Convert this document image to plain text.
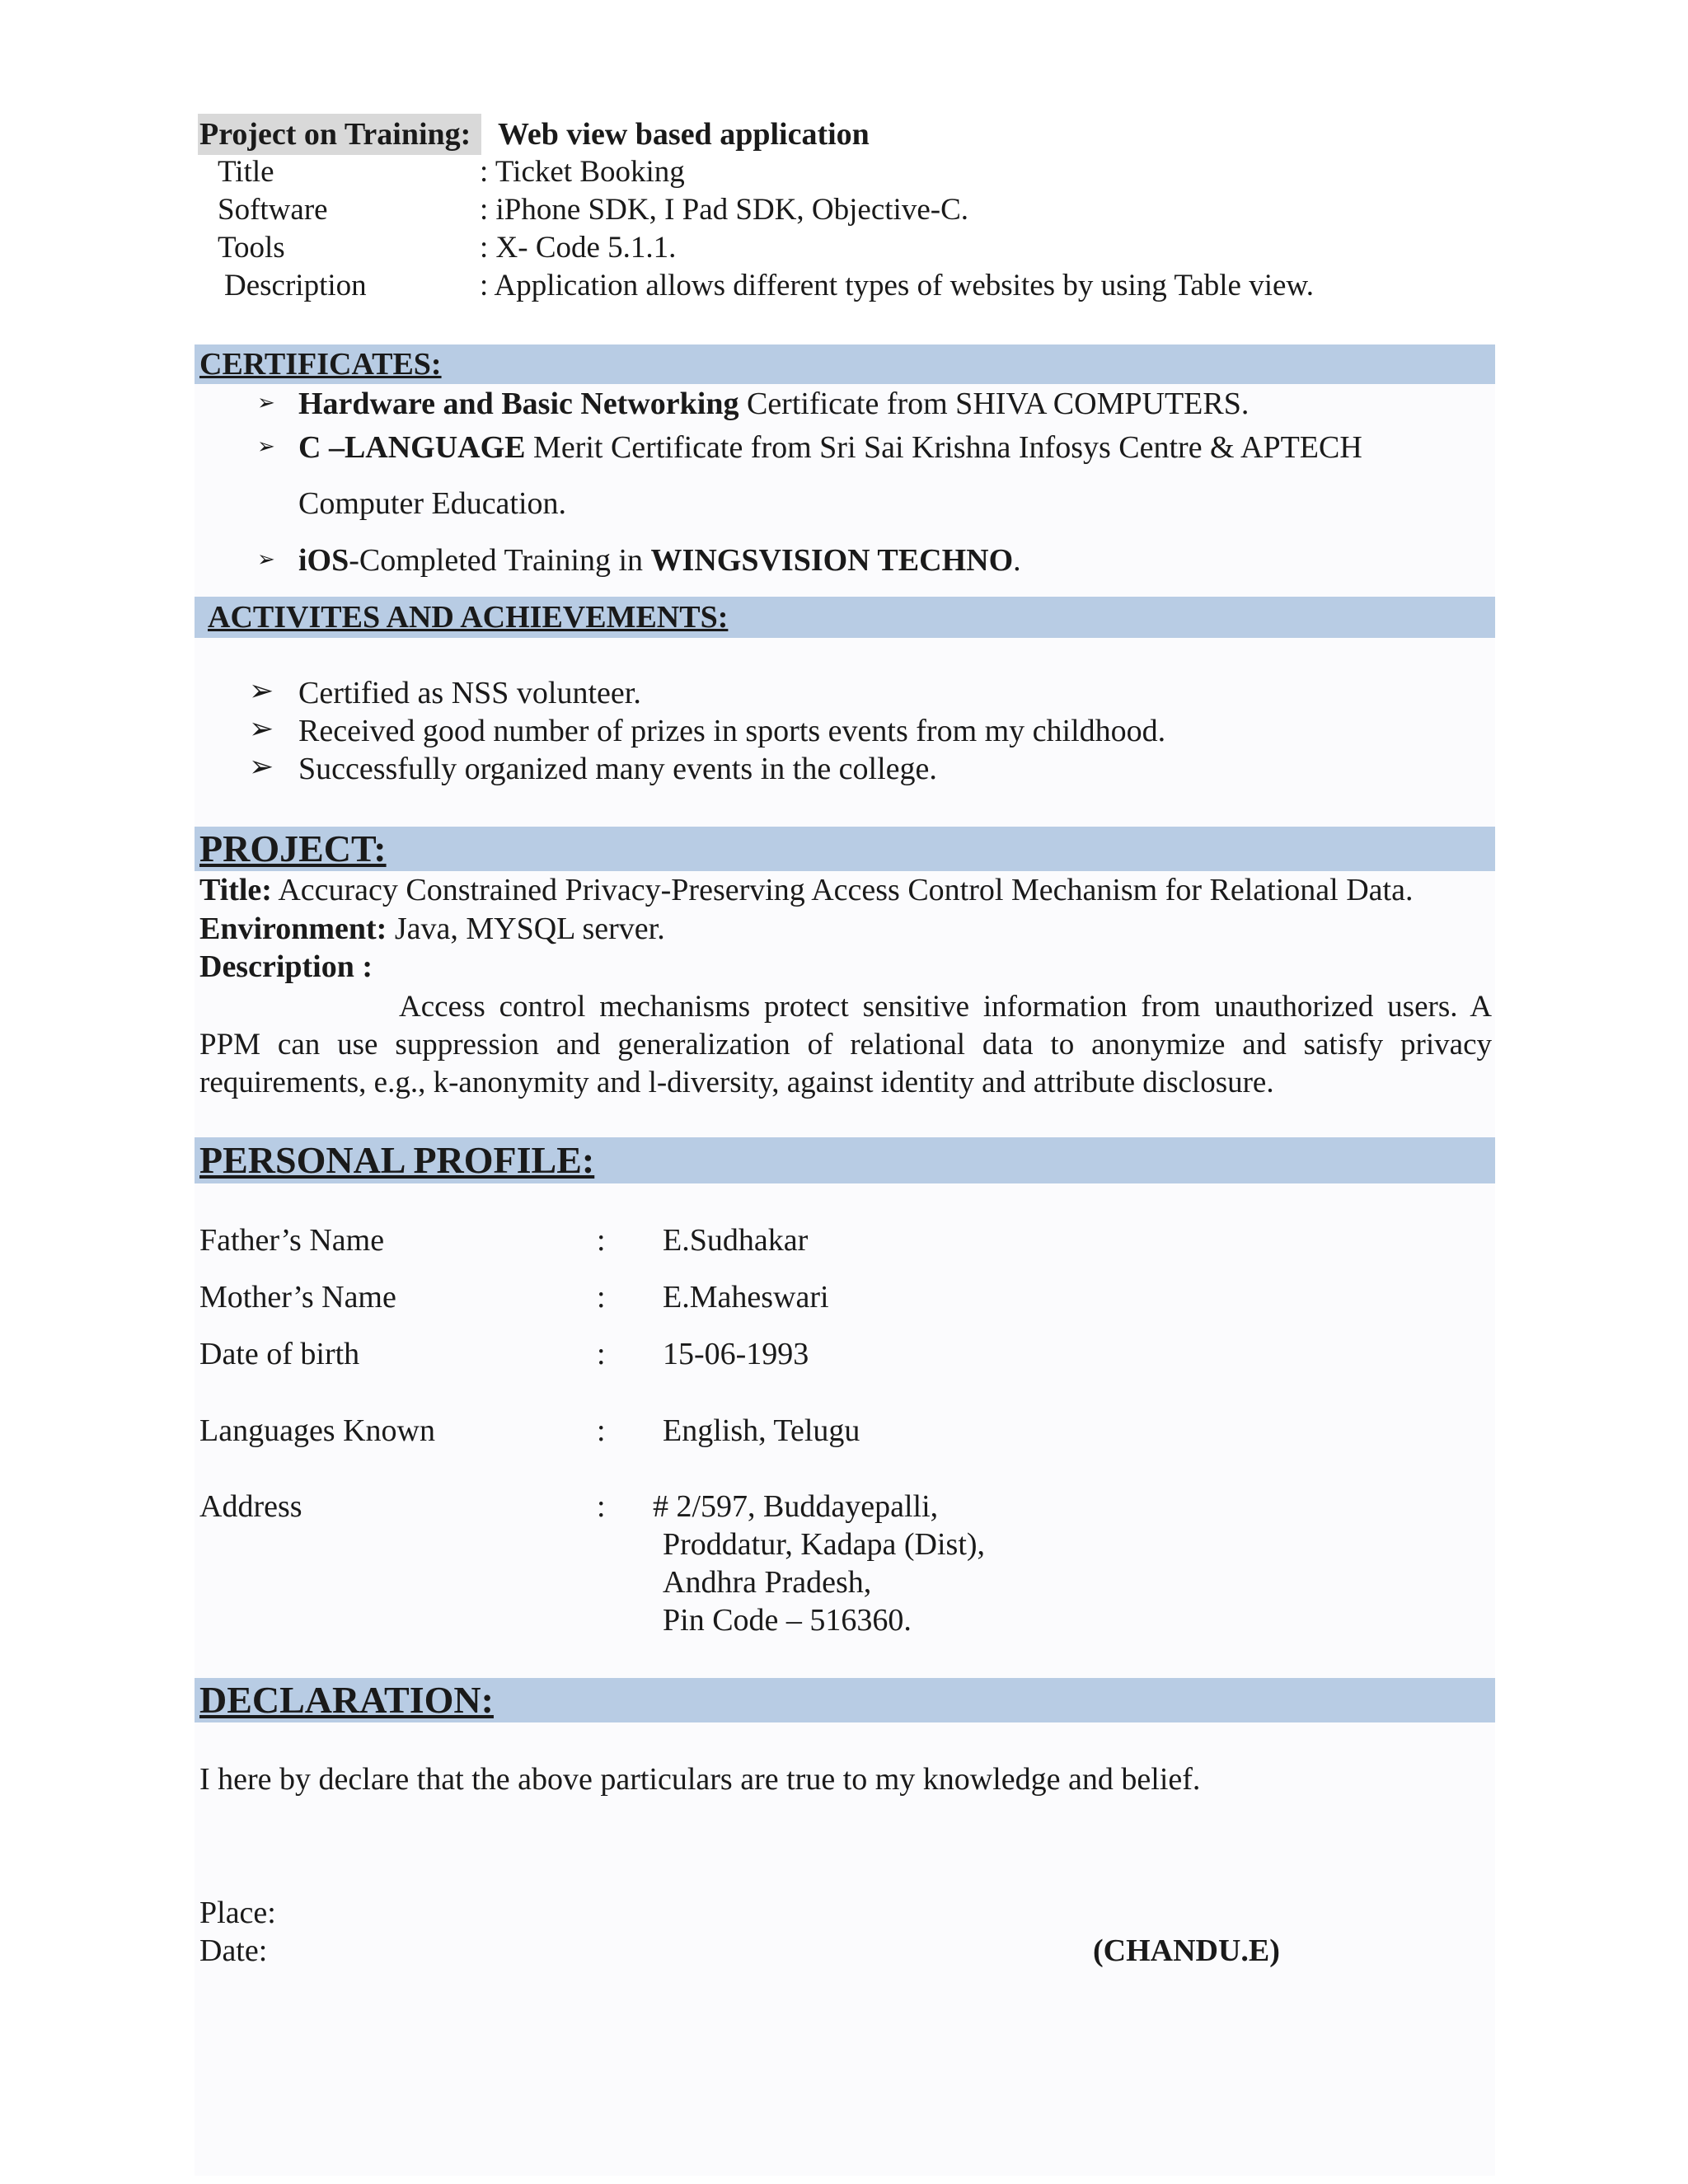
Project on Training: Web view based application
Title	: Ticket Booking
Software	: iPhone SDK, I Pad SDK, Objective-C.
Tools	: X- Code 5.1.1.
Description	: Application allows different types of websites by using Table view.
CERTIFICATES:
➢ Hardware and Basic Networking Certificate from SHIVA COMPUTERS.
➢ C –LANGUAGE Merit Certificate from Sri Sai Krishna Infosys Centre & APTECH
Computer Education.
➢ iOS-Completed Training in WINGSVISION TECHNO.
ACTIVITES AND ACHIEVEMENTS:
➢ Certified as NSS volunteer.
➢ Received good number of prizes in sports events from my childhood.
➢ Successfully organized many events in the college.
PROJECT:
Title: Accuracy Constrained Privacy-Preserving Access Control Mechanism for Relational Data.
Environment: Java, MYSQL server.
Description :
Access control mechanisms protect sensitive information from unauthorized users. A PPM can use suppression and generalization of relational data to anonymize and satisfy privacy requirements, e.g., k-anonymity and l-diversity, against identity and attribute disclosure.
PERSONAL PROFILE:
Father’s Name	: E.Sudhakar
Mother’s Name	: E.Maheswari
Date of birth	: 15-06-1993
Languages Known	: English, Telugu
Address	: # 2/597, Buddayepalli,
Proddatur, Kadapa (Dist),
Andhra Pradesh,
Pin Code – 516360.
DECLARATION:
I here by declare that the above particulars are true to my knowledge and belief.
Place:
Date:	(CHANDU.E)
